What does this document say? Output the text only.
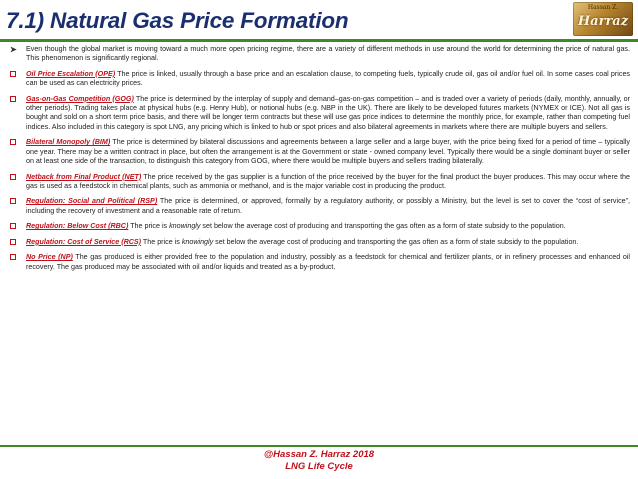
7.1) Natural Gas Price Formation
Hassan Z.
Harraz
➤	Even though the global market is moving toward a much more open pricing regime, there are a variety of different methods in use around the world for determining the price of natural gas. This phenomenon is significantly regional.
Oil Price Escalation (OPE) The price is linked, usually through a base price and an escalation clause, to competing fuels, typically crude oil, gas oil and/or fuel oil. In some cases coal prices can be used as can electricity prices.
Gas-on-Gas Competition (GOG) The price is determined by the interplay of supply and demand–gas-on-gas competition – and is traded over a variety of periods (daily, monthly, annually, or other periods). Trading takes place at physical hubs (e.g. Henry Hub), or notional hubs (e.g. NBP in the UK). There are likely to be developed futures markets (NYMEX or ICE). Not all gas is bought and sold on a short term price basis, and there will be longer term contracts but these will use gas price indices to determine the monthly price, for example, rather than competing fuel indices. Also included in this category is spot LNG, any pricing which is linked to hub or spot prices and also bilateral agreements in markets where there are multiple buyers and sellers.
Bilateral Monopoly (BIM) The price is determined by bilateral discussions and agreements between a large seller and a large buyer, with the price being fixed for a period of time – typically one year. There may be a written contract in place, but often the arrangement is at the Government or state - owned company level. Typically there would be a single dominant buyer or seller on at least one side of the transaction, to distinguish this category from GOG, where there would be multiple buyers and sellers trading bilaterally.
Netback from Final Product (NET) The price received by the gas supplier is a function of the price received by the buyer for the final product the buyer produces. This may occur where the gas is used as a feedstock in chemical plants, such as ammonia or methanol, and is the major variable cost in producing the product.
Regulation: Social and Political (RSP) The price is determined, or approved, formally by a regulatory authority, or possibly a Ministry, but the level is set to cover the “cost of service”, including the recovery of investment and a reasonable rate of return.
Regulation: Below Cost (RBC) The price is knowingly set below the average cost of producing and transporting the gas often as a form of state subsidy to the population.
Regulation: Cost of Service (RCS) The price is knowingly set below the average cost of producing and transporting the gas often as a form of state subsidy to the population.
No Price (NP) The gas produced is either provided free to the population and industry, possibly as a feedstock for chemical and fertilizer plants, or in refinery processes and enhanced oil recovery. The gas produced may be associated with oil and/or liquids and treated as a by-product.
@Hassan Z. Harraz 2018
LNG Life Cycle
